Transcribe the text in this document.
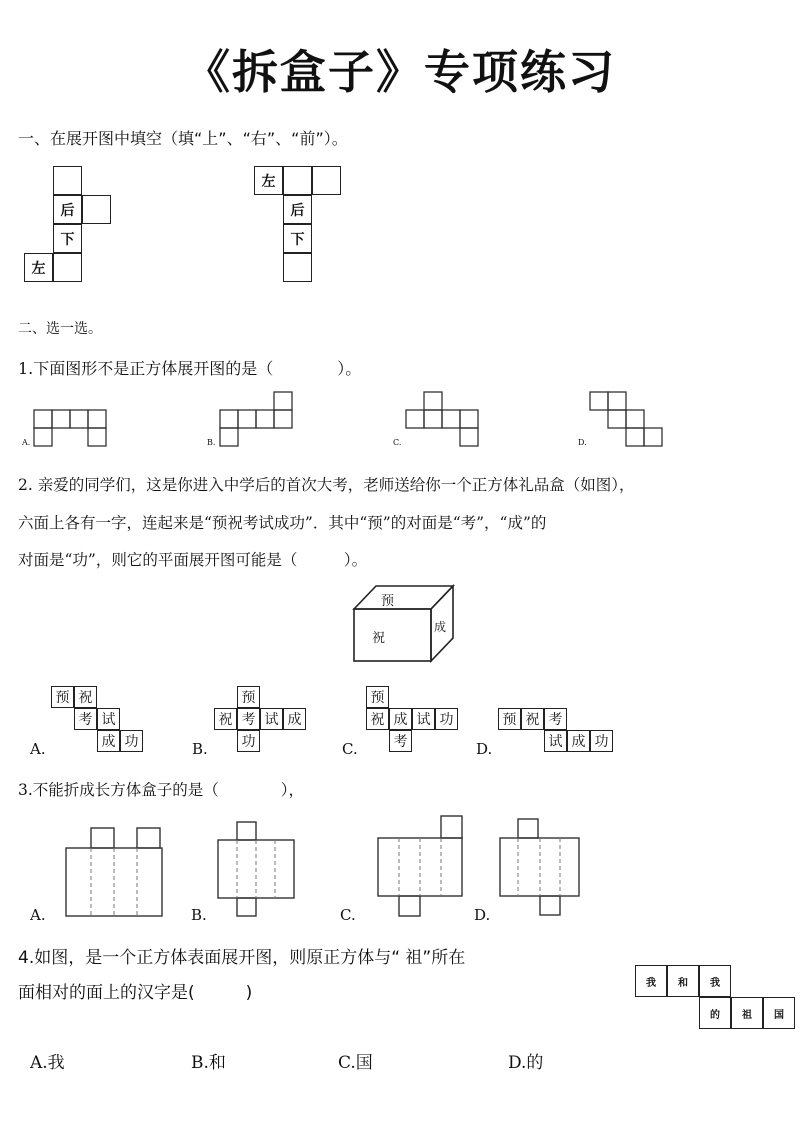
《拆盒子》专项练习
一、在展开图中填空（填“上”、“右”、“前”）。
后
下
左
左
后
下
二、选一选。
1.下面图形不是正方体展开图的是（　　　　）。
A.	B.	C.	D.
2. 亲爱的同学们，这是你进入中学后的首次大考，老师送给你一个正方体礼品盒（如图），
六面上各有一字，连起来是“预祝考试成功”．其中“预”的对面是“考”，“成”的
对面是“功”，则它的平面展开图可能是（　　　）。
预
祝
成
预 祝
考 试
成 功
A.
预
祝 考 试 成
功
B.
预
祝 成 试 功
考
C.
预 祝 考
试 成 功
D.
3.不能折成长方体盒子的是（　　　　），
A.	B.	C.	D.
4.如图，是一个正方体表面展开图，则原正方体与“ 祖”所在
面相对的面上的汉字是(　　　)	我	和	我
的	祖	国
A.我	B.和	C.国	D.的
